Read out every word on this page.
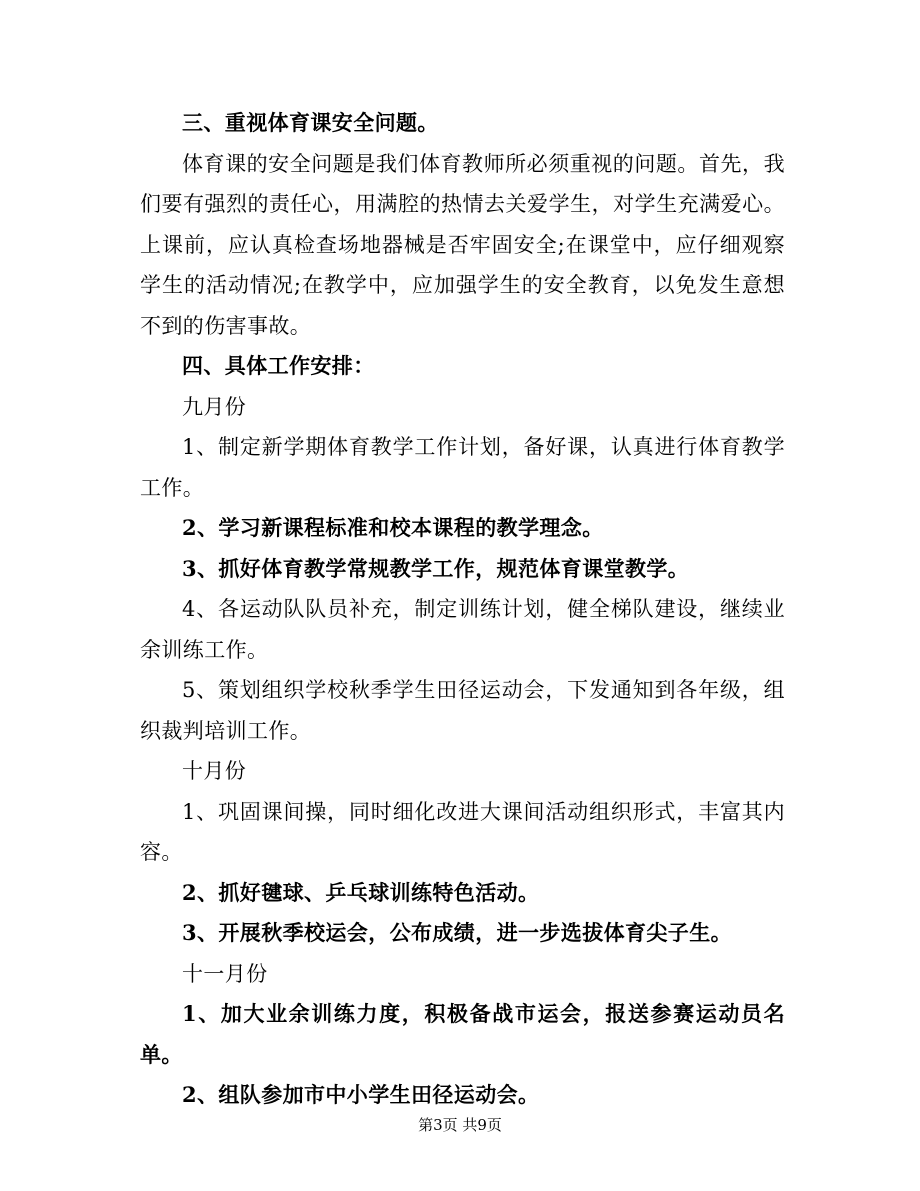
三、重视体育课安全问题。

体育课的安全问题是我们体育教师所必须重视的问题。首先，我们要有强烈的责任心，用满腔的热情去关爱学生，对学生充满爱心。上课前，应认真检查场地器械是否牢固安全;在课堂中，应仔细观察学生的活动情况;在教学中，应加强学生的安全教育，以免发生意想不到的伤害事故。

四、具体工作安排：

九月份

1、制定新学期体育教学工作计划，备好课，认真进行体育教学工作。

2、学习新课程标准和校本课程的教学理念。

3、抓好体育教学常规教学工作，规范体育课堂教学。

4、各运动队队员补充，制定训练计划，健全梯队建设，继续业余训练工作。

5、策划组织学校秋季学生田径运动会，下发通知到各年级，组织裁判培训工作。

十月份

1、巩固课间操，同时细化改进大课间活动组织形式，丰富其内容。

2、抓好毽球、乒乓球训练特色活动。

3、开展秋季校运会，公布成绩，进一步选拔体育尖子生。

十一月份

1、加大业余训练力度，积极备战市运会，报送参赛运动员名单。

2、组队参加市中小学生田径运动会。

第3页 共9页
